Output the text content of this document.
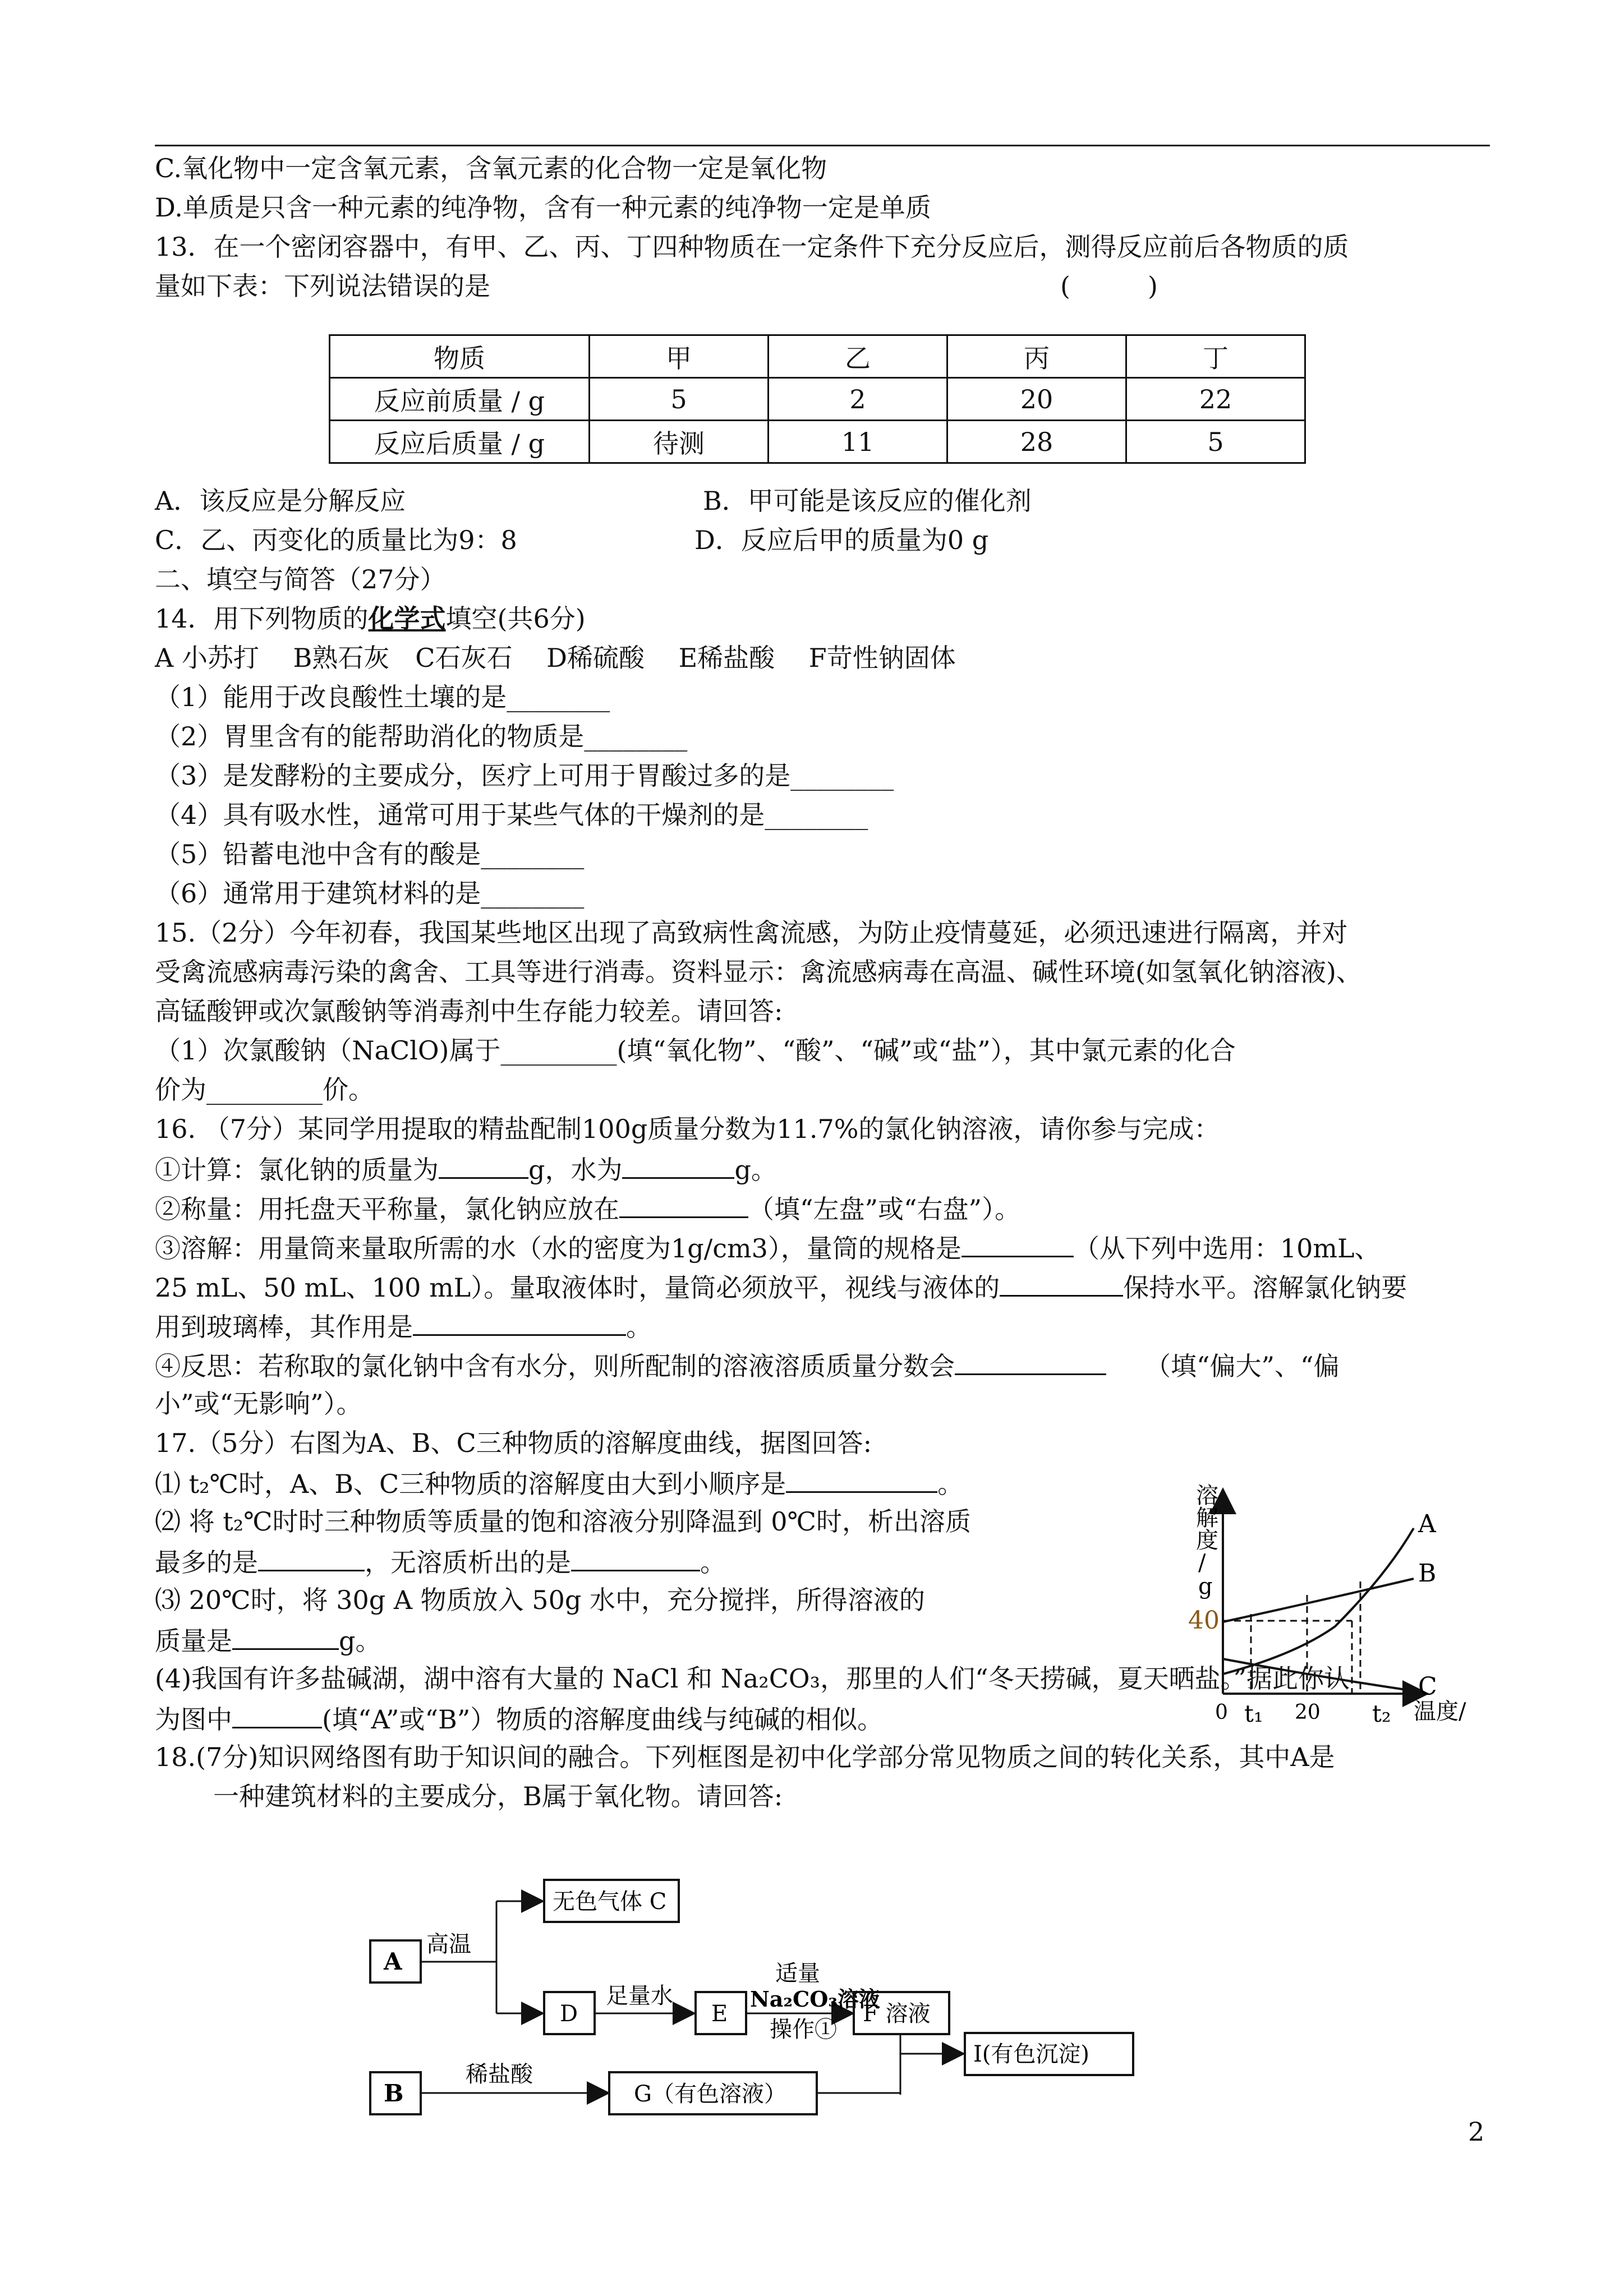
C.氧化物中一定含氧元素，含氧元素的化合物一定是氧化物
D.单质是只含一种元素的纯净物，含有一种元素的纯净物一定是单质
13．在一个密闭容器中，有甲、乙、丙、丁四种物质在一定条件下充分反应后，测得反应前后各物质的质
量如下表：下列说法错误的是	(　　　)
物质	甲	乙	丙	丁
反应前质量 / g	5	2	20	22
反应后质量 / g	待测	11	28	5
A．该反应是分解反应	B．甲可能是该反应的催化剂
C．乙、丙变化的质量比为9：8	D．反应后甲的质量为0 g
二、填空与简答（27分）
14．用下列物质的化学式填空(共6分)
A 小苏打　 B熟石灰　C石灰石　 D稀硫酸　 E稀盐酸　 F苛性钠固体
（1）能用于改良酸性土壤的是________
（2）胃里含有的能帮助消化的物质是________
（3）是发酵粉的主要成分，医疗上可用于胃酸过多的是________
（4）具有吸水性，通常可用于某些气体的干燥剂的是________
（5）铅蓄电池中含有的酸是________
（6）通常用于建筑材料的是________
15.（2分）今年初春，我国某些地区出现了高致病性禽流感，为防止疫情蔓延，必须迅速进行隔离，并对
受禽流感病毒污染的禽舍、工具等进行消毒。资料显示：禽流感病毒在高温、碱性环境(如氢氧化钠溶液)、
高锰酸钾或次氯酸钠等消毒剂中生存能力较差。请回答:
（1）次氯酸钠（NaClO)属于_________(填“氧化物”、“酸”、“碱”或“盐”），其中氯元素的化合
价为_________价。
16. （7分）某同学用提取的精盐配制100g质量分数为11.7%的氯化钠溶液，请你参与完成：
①计算：氯化钠的质量为	g，水为	g。
②称量：用托盘天平称量，氯化钠应放在	（填“左盘”或“右盘”）。
③溶解：用量筒来量取所需的水（水的密度为1g/cm3），量筒的规格是	（从下列中选用：10mL、
25 mL、50 mL、100 mL）。量取液体时，量筒必须放平，视线与液体的	保持水平。溶解氯化钠要
用到玻璃棒，其作用是	。
④反思：若称取的氯化钠中含有水分，则所配制的溶液溶质质量分数会　　	（填“偏大”、“偏
小”或“无影响”）。
17.（5分）右图为A、B、C三种物质的溶解度曲线，据图回答:
⑴ t₂℃时，A、B、C三种物质的溶解度由大到小顺序是	。
⑵ 将 t₂℃时时三种物质等质量的饱和溶液分别降温到 0℃时，析出溶质
最多的是	，无溶质析出的是	。
⑶ 20℃时，将 30g A 物质放入 50g 水中，充分搅拌，所得溶液的
质量是	g。
(4)我国有许多盐碱湖，湖中溶有大量的 NaCl 和 Na₂CO₃，那里的人们“冬天捞碱，夏天晒盐。”据此你认
为图中	(填“A”或“B”）物质的溶解度曲线与纯碱的相似。
18.(7分)知识网络图有助于知识间的融合。下列框图是初中化学部分常见物质之间的转化关系，其中A是
一种建筑材料的主要成分，B属于氧化物。请回答:
溶
解
度
/
g
40
A
B
C
0 t₁ 20 t₂ 温度/
A
高温
无色气体 C
D
足量水
E
适量
Na₂CO₃溶液
操作①
F 溶液
I(有色沉淀)
B
稀盐酸
G（有色溶液）
2
